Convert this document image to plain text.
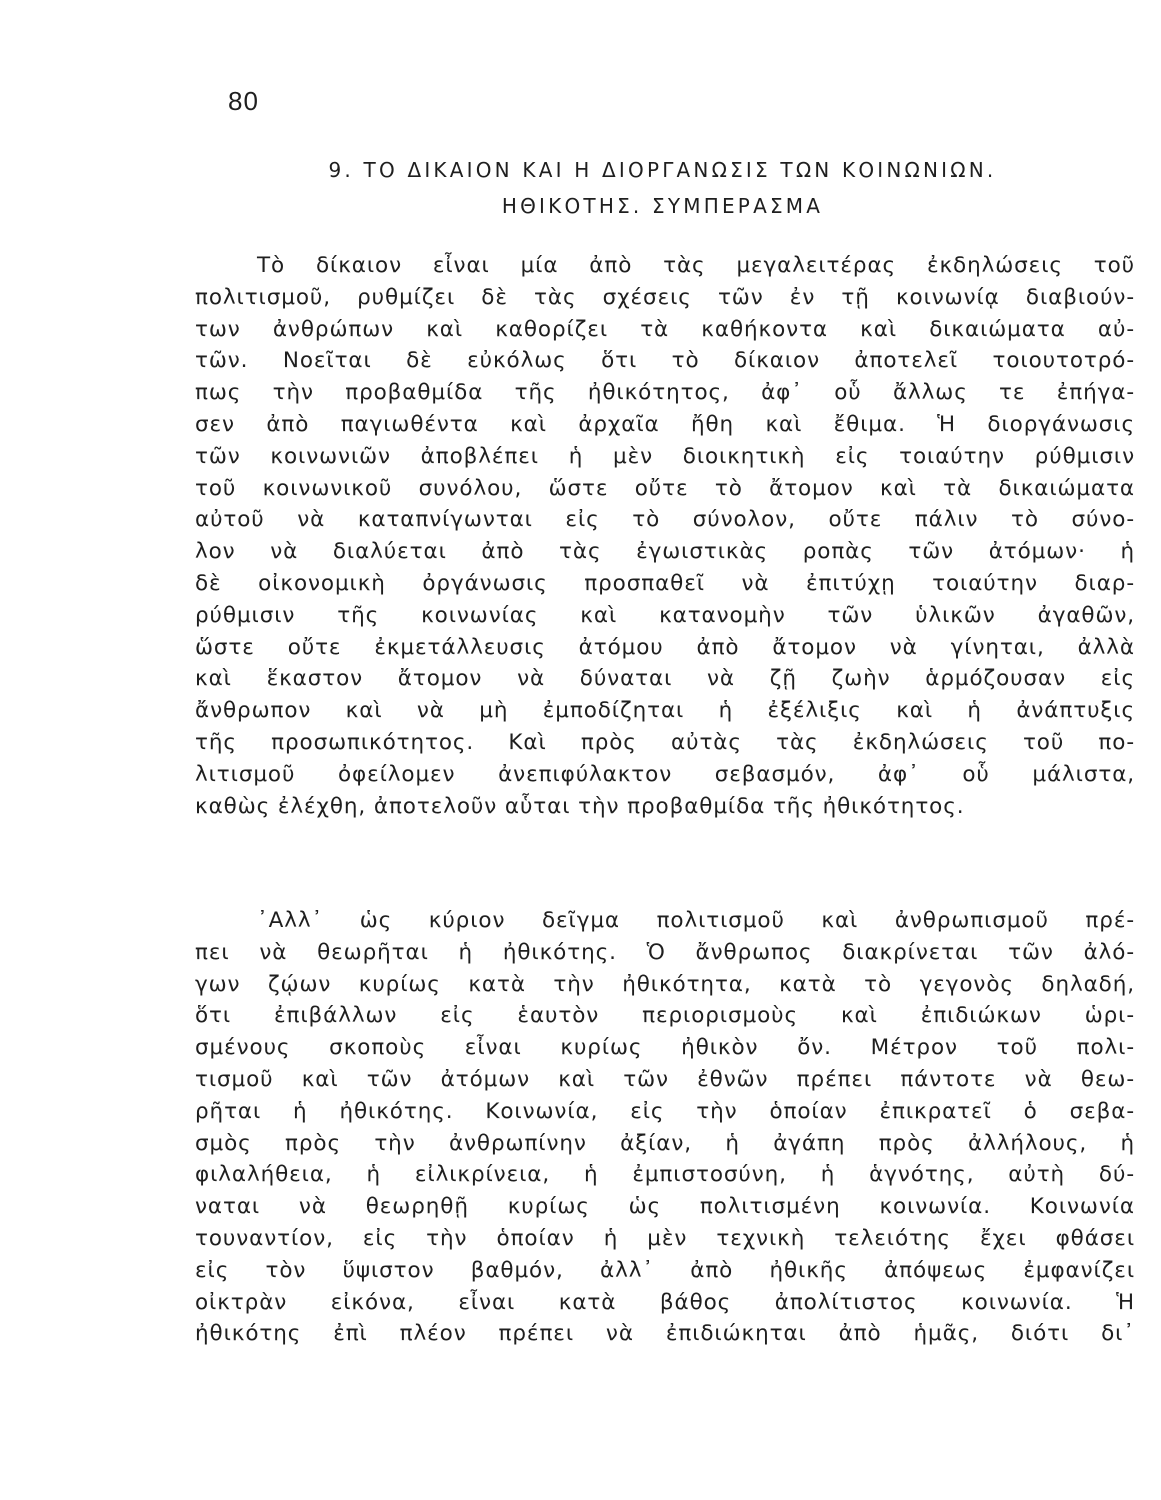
80
9. ΤΟ ΔΙΚΑΙΟΝ ΚΑΙ Η ΔΙΟΡΓΑΝΩΣΙΣ ΤΩΝ ΚΟΙΝΩΝΙΩΝ.
ΗΘΙΚΟΤΗΣ. ΣΥΜΠΕΡΑΣΜΑ
Τὸ δίκαιον εἶναι μία ἀπὸ τὰς μεγαλειτέρας ἐκδηλώσεις τοῦ
πολιτισμοῦ, ρυθμίζει δὲ τὰς σχέσεις τῶν ἐν τῇ κοινωνίᾳ διαβιούν-
των ἀνθρώπων καὶ καθορίζει τὰ καθήκοντα καὶ δικαιώματα αὐ-
τῶν. Νοεῖται δὲ εὐκόλως ὅτι τὸ δίκαιον ἀποτελεῖ τοιουτοτρό-
πως τὴν προβαθμίδα τῆς ἠθικότητος, ἀφ᾽ οὗ ἄλλως τε ἐπήγα-
σεν ἀπὸ παγιωθέντα καὶ ἀρχαῖα ἤθη καὶ ἔθιμα. Ἡ διοργάνωσις
τῶν κοινωνιῶν ἀποβλέπει ἡ μὲν διοικητικὴ εἰς τοιαύτην ρύθμισιν
τοῦ κοινωνικοῦ συνόλου, ὥστε οὔτε τὸ ἄτομον καὶ τὰ δικαιώματα
αὐτοῦ νὰ καταπνίγωνται εἰς τὸ σύνολον, οὔτε πάλιν τὸ σύνο-
λον νὰ διαλύεται ἀπὸ τὰς ἐγωιστικὰς ροπὰς τῶν ἀτόμων· ἡ
δὲ οἰκονομικὴ ὀργάνωσις προσπαθεῖ νὰ ἐπιτύχῃ τοιαύτην διαρ-
ρύθμισιν τῆς κοινωνίας καὶ κατανομὴν τῶν ὑλικῶν ἀγαθῶν,
ὥστε οὔτε ἐκμετάλλευσις ἀτόμου ἀπὸ ἄτομον νὰ γίνηται, ἀλλὰ
καὶ ἕκαστον ἄτομον νὰ δύναται νὰ ζῇ ζωὴν ἁρμόζουσαν εἰς
ἄνθρωπον καὶ νὰ μὴ ἐμποδίζηται ἡ ἐξέλιξις καὶ ἡ ἀνάπτυξις
τῆς προσωπικότητος. Καὶ πρὸς αὐτὰς τὰς ἐκδηλώσεις τοῦ πο-
λιτισμοῦ ὀφείλομεν ἀνεπιφύλακτον σεβασμόν, ἀφ᾽ οὗ μάλιστα,
καθὼς ἐλέχθη, ἀποτελοῦν αὗται τὴν προβαθμίδα τῆς ἠθικότητος.
᾽Αλλ᾽ ὡς κύριον δεῖγμα πολιτισμοῦ καὶ ἀνθρωπισμοῦ πρέ-
πει νὰ θεωρῆται ἡ ἠθικότης. Ὁ ἄνθρωπος διακρίνεται τῶν ἀλό-
γων ζῴων κυρίως κατὰ τὴν ἠθικότητα, κατὰ τὸ γεγονὸς δηλαδή,
ὅτι ἐπιβάλλων εἰς ἑαυτὸν περιορισμοὺς καὶ ἐπιδιώκων ὡρι-
σμένους σκοποὺς εἶναι κυρίως ἠθικὸν ὄν. Μέτρον τοῦ πολι-
τισμοῦ καὶ τῶν ἀτόμων καὶ τῶν ἐθνῶν πρέπει πάντοτε νὰ θεω-
ρῆται ἡ ἠθικότης. Κοινωνία, εἰς τὴν ὁποίαν ἐπικρατεῖ ὁ σεβα-
σμὸς πρὸς τὴν ἀνθρωπίνην ἀξίαν, ἡ ἀγάπη πρὸς ἀλλήλους, ἡ
φιλαλήθεια, ἡ εἰλικρίνεια, ἡ ἐμπιστοσύνη, ἡ ἁγνότης, αὐτὴ δύ-
ναται νὰ θεωρηθῇ κυρίως ὡς πολιτισμένη κοινωνία. Κοινωνία
τουναντίον, εἰς τὴν ὁποίαν ἡ μὲν τεχνικὴ τελειότης ἔχει φθάσει
εἰς τὸν ὕψιστον βαθμόν, ἀλλ᾽ ἀπὸ ἠθικῆς ἀπόψεως ἐμφανίζει
οἰκτρὰν εἰκόνα, εἶναι κατὰ βάθος ἀπολίτιστος κοινωνία. Ἡ
ἠθικότης ἐπὶ πλέον πρέπει νὰ ἐπιδιώκηται ἀπὸ ἡμᾶς, διότι δι᾽
